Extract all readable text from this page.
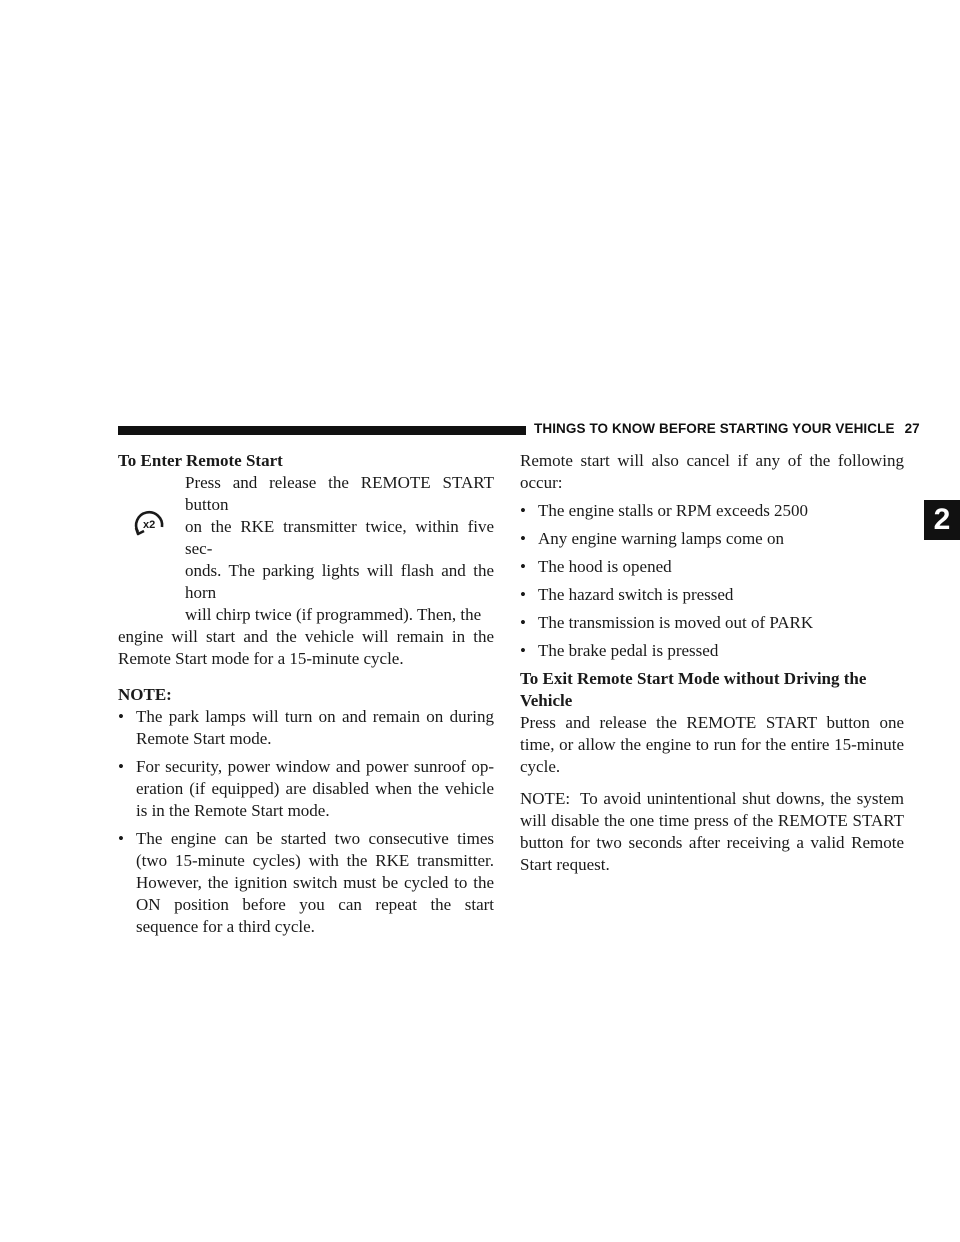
THINGS TO KNOW BEFORE STARTING YOUR VEHICLE 27
2
To Enter Remote Start
x2
Press and release the REMOTE START button
on the RKE transmitter twice, within five sec-
onds. The parking lights will flash and the horn
will chirp twice (if programmed). Then, the

engine will start and the vehicle will remain in the Remote Start mode for a 15-minute cycle.

NOTE:
• The park lamps will turn on and remain on during Remote Start mode.
• For security, power window and power sunroof op-eration (if equipped) are disabled when the vehicle is in the Remote Start mode.
• The engine can be started two consecutive times (two 15-minute cycles) with the RKE transmitter. However, the ignition switch must be cycled to the ON position before you can repeat the start sequence for a third cycle.

Remote start will also cancel if any of the following occur:

• The engine stalls or RPM exceeds 2500
• Any engine warning lamps come on
• The hood is opened
• The hazard switch is pressed
• The transmission is moved out of PARK
• The brake pedal is pressed
To Exit Remote Start Mode without Driving the Vehicle

Press and release the REMOTE START button one time, or allow the engine to run for the entire 15-minute cycle.

NOTE: To avoid unintentional shut downs, the system will disable the one time press of the REMOTE START button for two seconds after receiving a valid Remote Start request.
